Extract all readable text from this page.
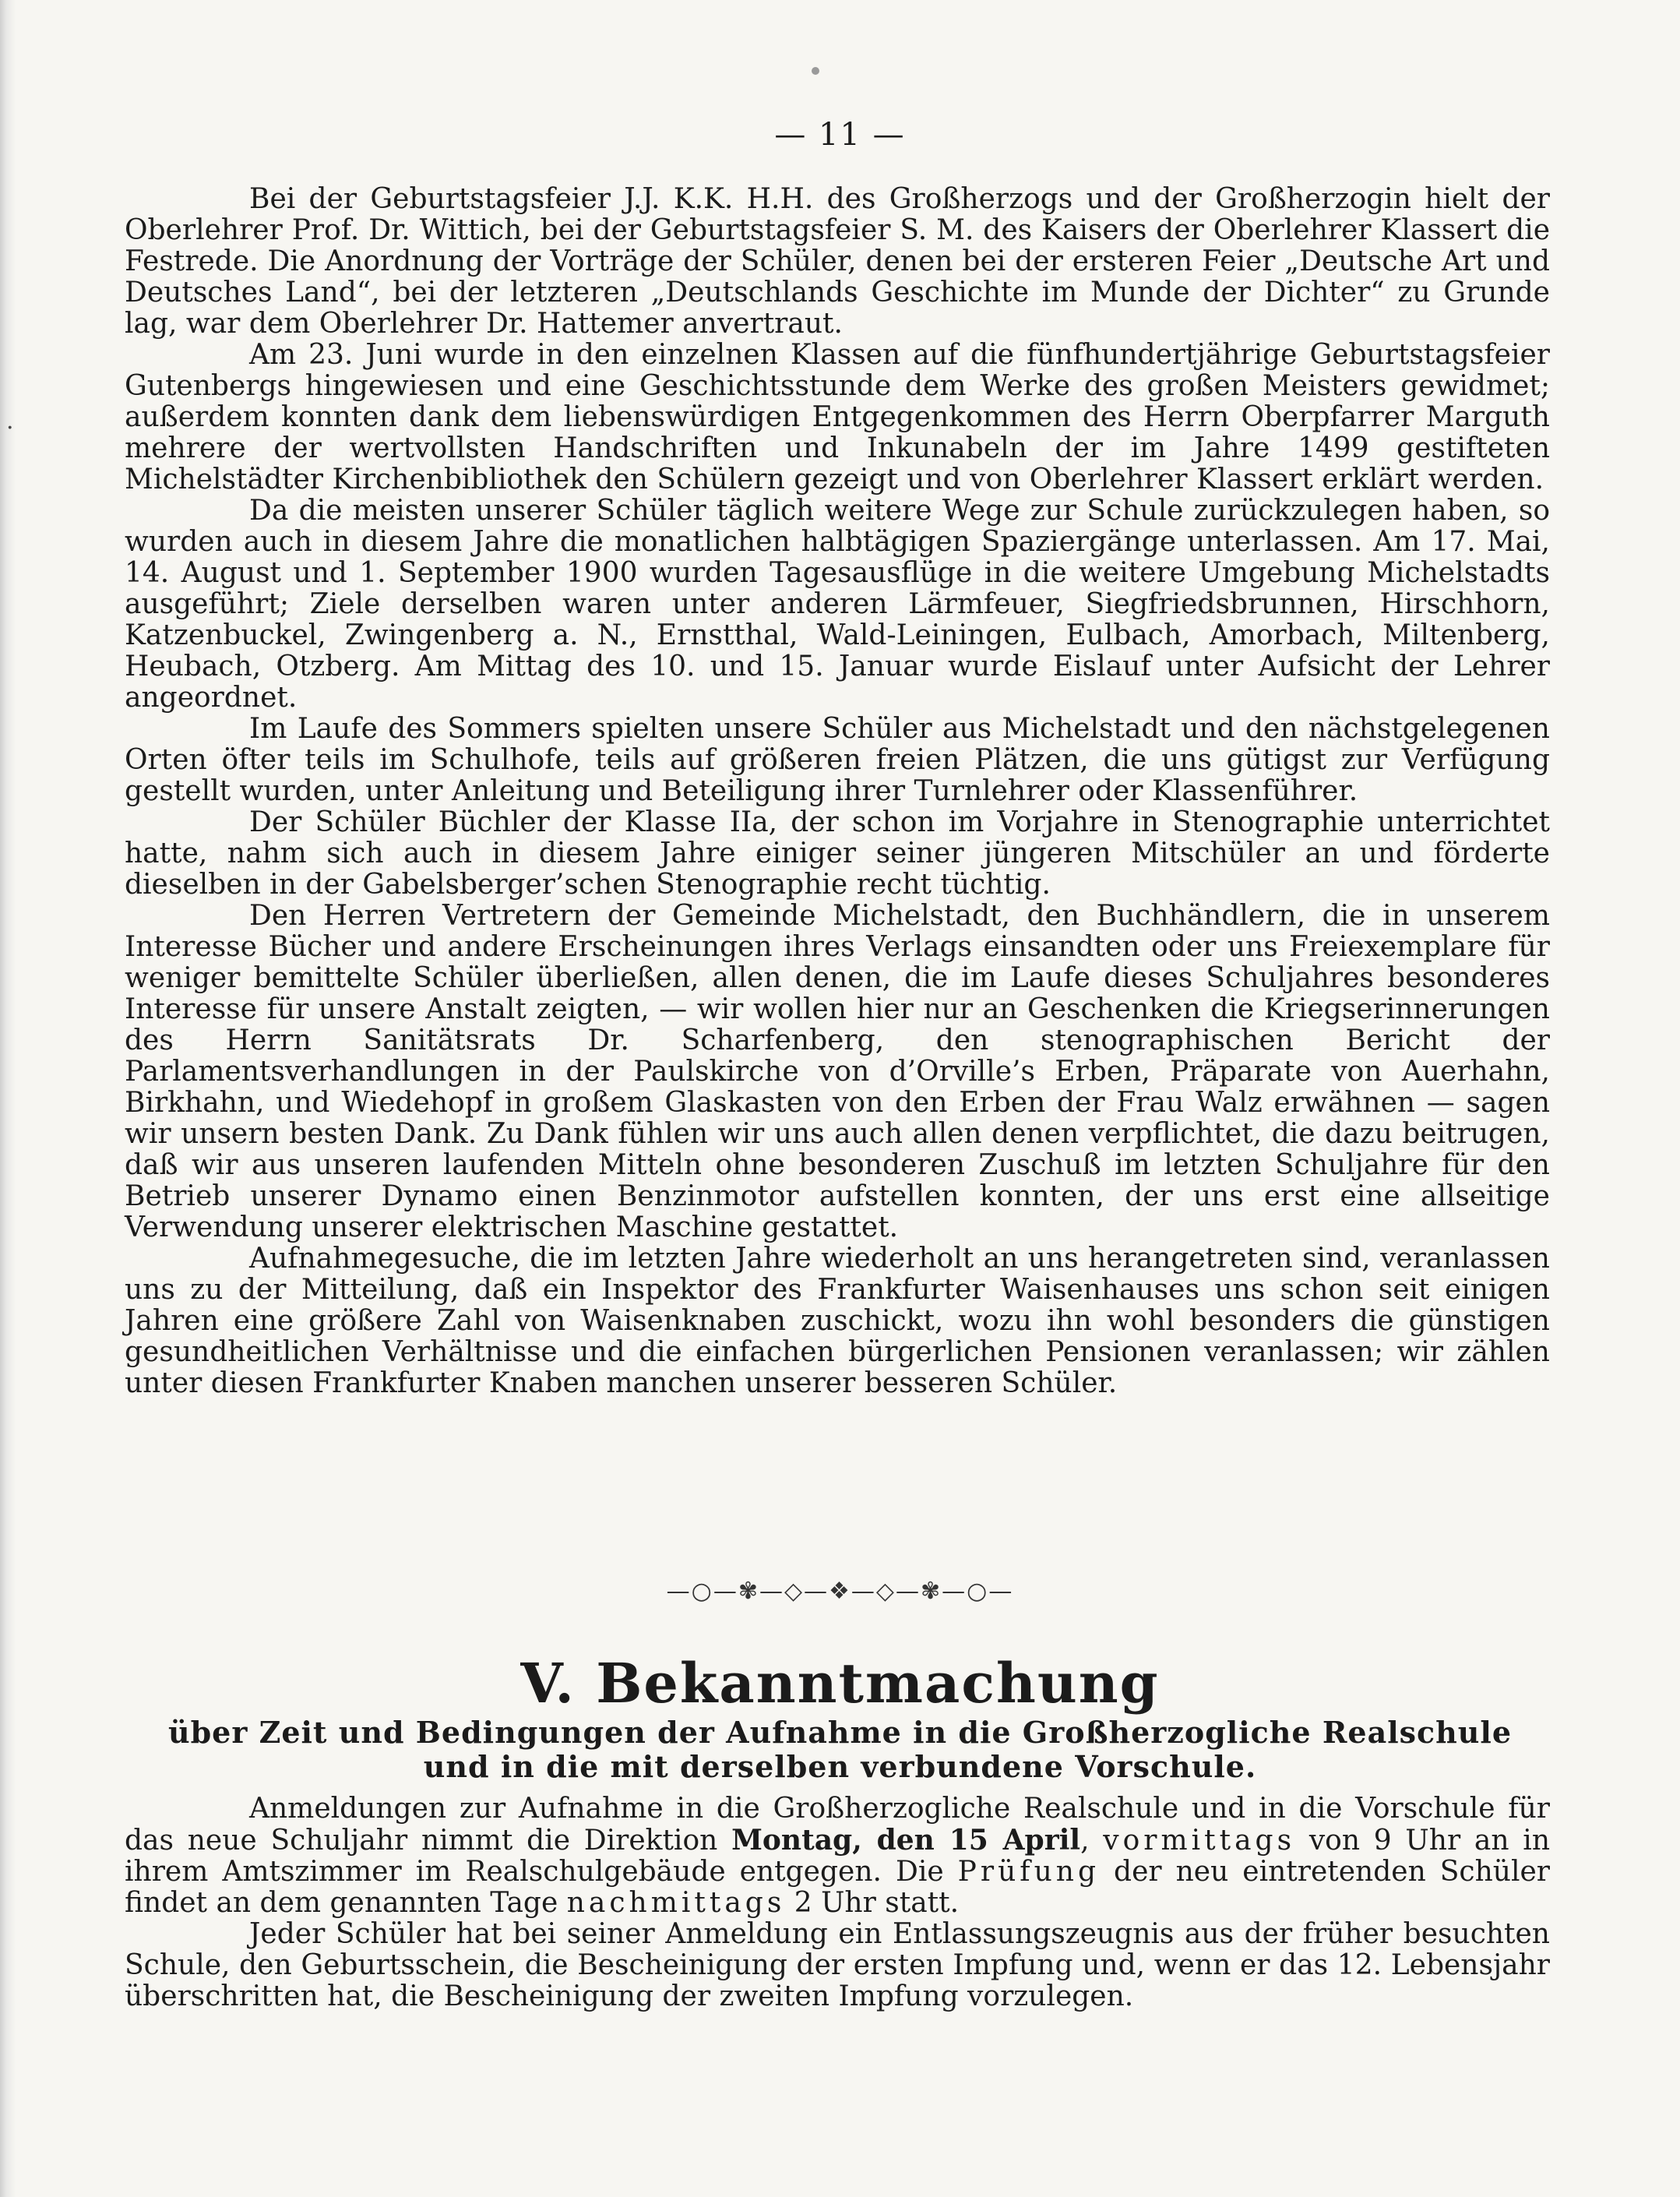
·
— 11 —

Bei der Geburtstagsfeier J.J. K.K. H.H. des Großherzogs und der Großherzogin hielt der Oberlehrer Prof. Dr. Wittich, bei der Geburtstagsfeier S. M. des Kaisers der Oberlehrer Klassert die Festrede. Die Anordnung der Vorträge der Schüler, denen bei der ersteren Feier „Deutsche Art und Deutsches Land“, bei der letzteren „Deutschlands Geschichte im Munde der Dichter“ zu Grunde lag, war dem Oberlehrer Dr. Hattemer anvertraut.

Am 23. Juni wurde in den einzelnen Klassen auf die fünfhundertjährige Geburtstagsfeier Gutenbergs hingewiesen und eine Geschichtsstunde dem Werke des großen Meisters gewidmet; außerdem konnten dank dem liebenswürdigen Entgegenkommen des Herrn Oberpfarrer Marguth mehrere der wertvollsten Handschriften und Inkunabeln der im Jahre 1499 gestifteten Michelstädter Kirchenbibliothek den Schülern gezeigt und von Oberlehrer Klassert erklärt werden.

Da die meisten unserer Schüler täglich weitere Wege zur Schule zurückzulegen haben, so wurden auch in diesem Jahre die monatlichen halbtägigen Spaziergänge unterlassen. Am 17. Mai, 14. August und 1. September 1900 wurden Tagesausflüge in die weitere Umgebung Michelstadts ausgeführt; Ziele derselben waren unter anderen Lärmfeuer, Siegfriedsbrunnen, Hirschhorn, Katzenbuckel, Zwingenberg a. N., Ernstthal, Wald-Leiningen, Eulbach, Amorbach, Miltenberg, Heubach, Otzberg. Am Mittag des 10. und 15. Januar wurde Eislauf unter Aufsicht der Lehrer angeordnet.

Im Laufe des Sommers spielten unsere Schüler aus Michelstadt und den nächstgelegenen Orten öfter teils im Schulhofe, teils auf größeren freien Plätzen, die uns gütigst zur Verfügung gestellt wurden, unter Anleitung und Beteiligung ihrer Turnlehrer oder Klassenführer.

Der Schüler Büchler der Klasse IIa, der schon im Vorjahre in Stenographie unterrichtet hatte, nahm sich auch in diesem Jahre einiger seiner jüngeren Mitschüler an und förderte dieselben in der Gabelsberger’schen Stenographie recht tüchtig.

Den Herren Vertretern der Gemeinde Michelstadt, den Buchhändlern, die in unserem Interesse Bücher und andere Erscheinungen ihres Verlags einsandten oder uns Freiexemplare für weniger bemittelte Schüler überließen, allen denen, die im Laufe dieses Schuljahres besonderes Interesse für unsere Anstalt zeigten, — wir wollen hier nur an Geschenken die Kriegserinnerungen des Herrn Sanitätsrats Dr. Scharfenberg, den stenographischen Bericht der Parlamentsverhandlungen in der Paulskirche von d’Orville’s Erben, Präparate von Auerhahn, Birkhahn, und Wiedehopf in großem Glaskasten von den Erben der Frau Walz erwähnen — sagen wir unsern besten Dank. Zu Dank fühlen wir uns auch allen denen verpflichtet, die dazu beitrugen, daß wir aus unseren laufenden Mitteln ohne besonderen Zuschuß im letzten Schuljahre für den Betrieb unserer Dynamo einen Benzinmotor aufstellen konnten, der uns erst eine allseitige Verwendung unserer elektrischen Maschine gestattet.

Aufnahmegesuche, die im letzten Jahre wiederholt an uns herangetreten sind, veranlassen uns zu der Mitteilung, daß ein Inspektor des Frankfurter Waisenhauses uns schon seit einigen Jahren eine größere Zahl von Waisenknaben zuschickt, wozu ihn wohl besonders die günstigen gesundheitlichen Verhältnisse und die einfachen bürgerlichen Pensionen veranlassen; wir zählen unter diesen Frankfurter Knaben manchen unserer besseren Schüler.

—○—✾—◇—❖—◇—✾—○—
V. Bekanntmachung
über Zeit und Bedingungen der Aufnahme in die Großherzogliche Realschule
und in die mit derselben verbundene Vorschule.

Anmeldungen zur Aufnahme in die Großherzogliche Realschule und in die Vorschule für das neue Schuljahr nimmt die Direktion Montag, den 15 April, vormittags von 9 Uhr an in ihrem Amtszimmer im Realschulgebäude entgegen. Die Prüfung der neu eintretenden Schüler findet an dem genannten Tage nachmittags 2 Uhr statt.

Jeder Schüler hat bei seiner Anmeldung ein Entlassungszeugnis aus der früher besuchten Schule, den Geburtsschein, die Bescheinigung der ersten Impfung und, wenn er das 12. Lebensjahr überschritten hat, die Bescheinigung der zweiten Impfung vorzulegen.
